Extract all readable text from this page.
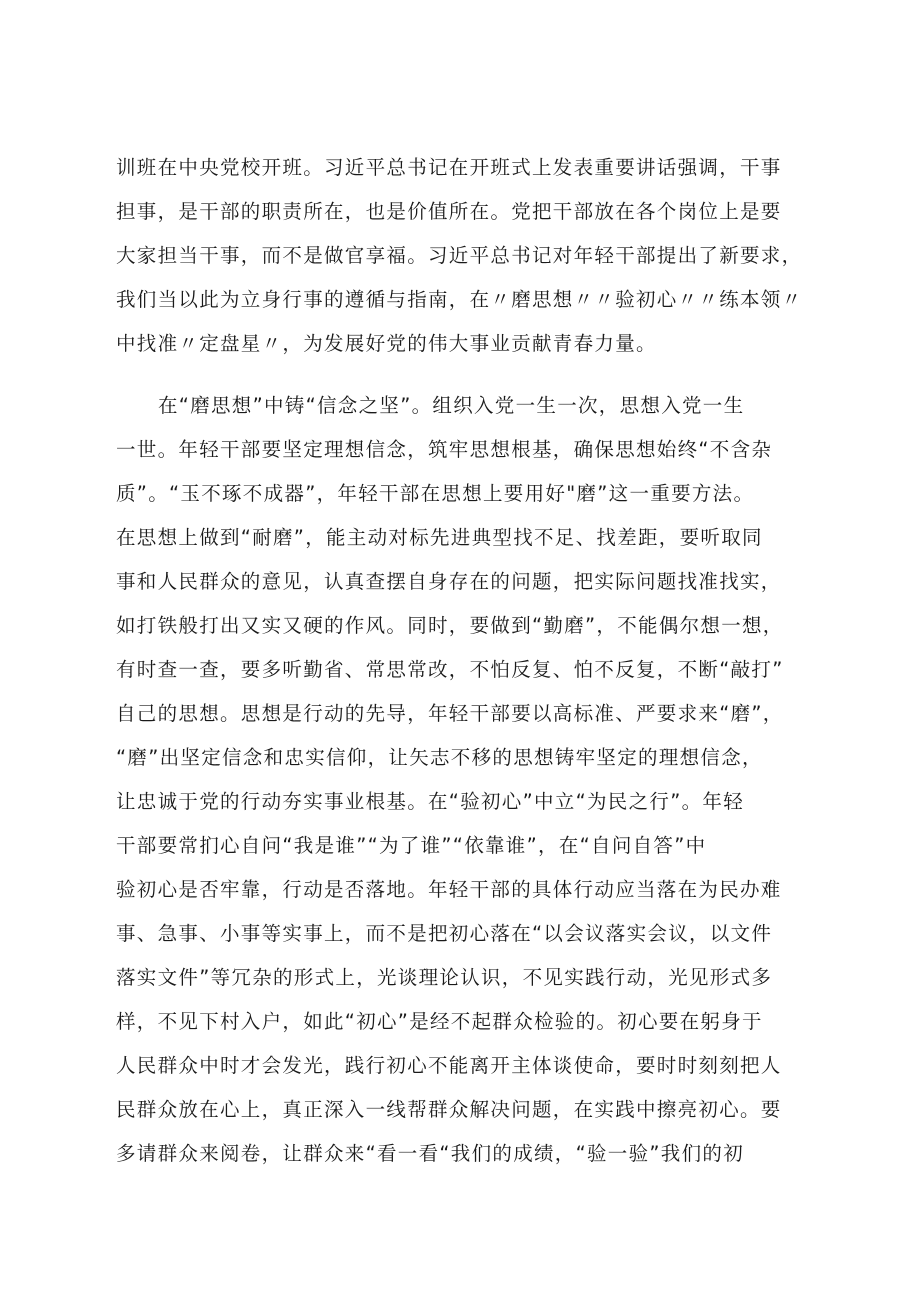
训班在中央党校开班。习近平总书记在开班式上发表重要讲话强调，干事
担事，是干部的职责所在，也是价值所在。党把干部放在各个岗位上是要
大家担当干事，而不是做官享福。习近平总书记对年轻干部提出了新要求，
我们当以此为立身行事的遵循与指南，在〃磨思想〃〃验初心〃〃练本领〃
中找准〃定盘星〃，为发展好党的伟大事业贡献青春力量。
在“磨思想”中铸“信念之坚”。组织入党一生一次，思想入党一生
一世。年轻干部要坚定理想信念，筑牢思想根基，确保思想始终“不含杂
质”。“玉不琢不成器”，年轻干部在思想上要用好"磨”这一重要方法。
在思想上做到“耐磨”，能主动对标先进典型找不足、找差距，要听取同
事和人民群众的意见，认真查摆自身存在的问题，把实际问题找准找实，
如打铁般打出又实又硬的作风。同时，要做到“勤磨”，不能偶尔想一想，
有时查一查，要多听勤省、常思常改，不怕反复、怕不反复，不断“敲打”
自己的思想。思想是行动的先导，年轻干部要以高标准、严要求来“磨”，
“磨”出坚定信念和忠实信仰，让矢志不移的思想铸牢坚定的理想信念，
让忠诚于党的行动夯实事业根基。在“验初心”中立“为民之行”。年轻
干部要常扪心自问“我是谁”“为了谁”“依靠谁”，在“自问自答”中
验初心是否牢靠，行动是否落地。年轻干部的具体行动应当落在为民办难
事、急事、小事等实事上，而不是把初心落在“以会议落实会议，以文件
落实文件”等冗杂的形式上，光谈理论认识，不见实践行动，光见形式多
样，不见下村入户，如此“初心”是经不起群众检验的。初心要在躬身于
人民群众中时才会发光，践行初心不能离开主体谈使命，要时时刻刻把人
民群众放在心上，真正深入一线帮群众解决问题，在实践中擦亮初心。要
多请群众来阅卷，让群众来“看一看“我们的成绩，“验一验”我们的初
